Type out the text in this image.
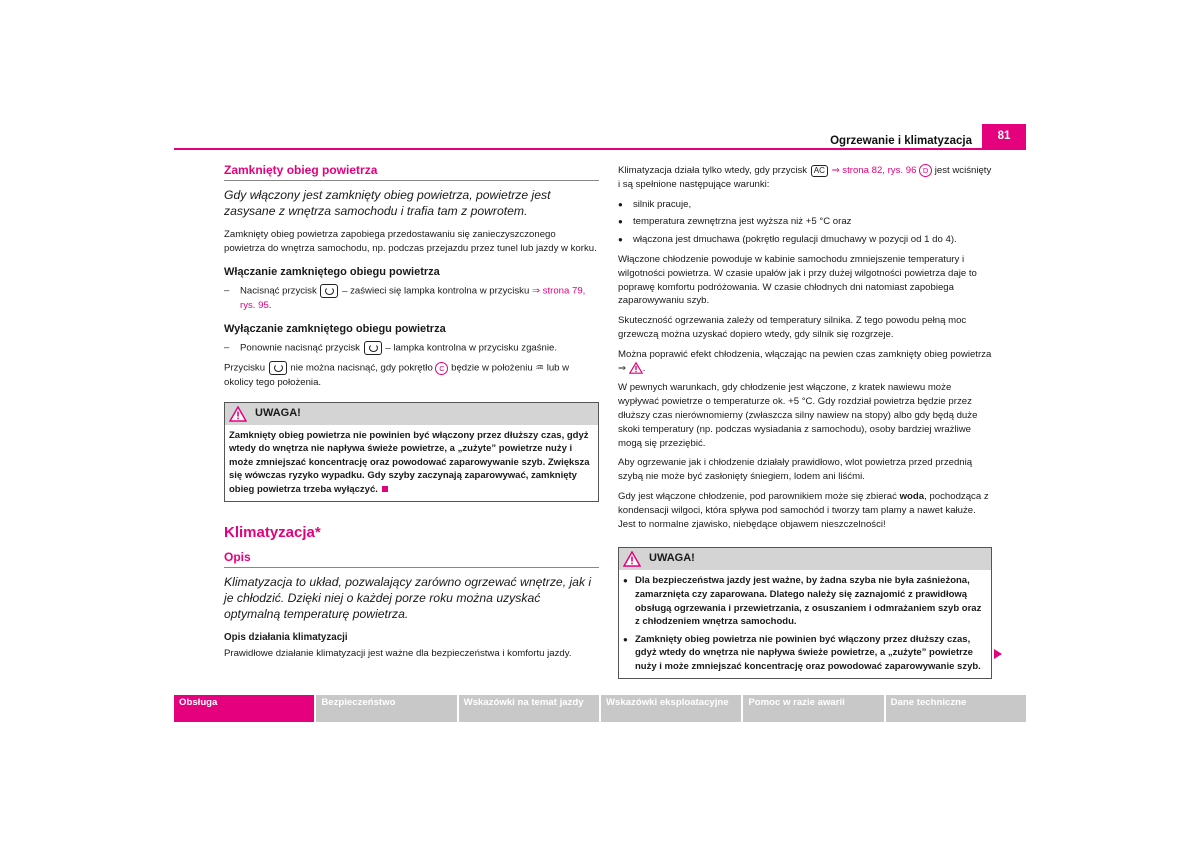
Ogrzewanie i klimatyzacja	81
Zamknięty obieg powietrza
Gdy włączony jest zamknięty obieg powietrza, powietrze jest zasysane z wnętrza samochodu i trafia tam z powrotem.

Zamknięty obieg powietrza zapobiega przedostawaniu się zanieczyszczonego powietrza do wnętrza samochodu, np. podczas przejazdu przez tunel lub jazdy w korku.

Włączanie zamkniętego obiegu powietrza
–	Nacisnąć przycisk	– zaświeci się lampka kontrolna w przycisku ⇒ strona 79, rys. 95.
Wyłączanie zamkniętego obiegu powietrza
–	Ponownie nacisnąć przycisk	– lampka kontrolna w przycisku zgaśnie.

Przycisku	nie można nacisnąć, gdy pokrętło C będzie w położeniu ♒ lub w okolicy tego położenia.

UWAGA!
Zamknięty obieg powietrza nie powinien być włączony przez dłuższy czas, gdyż wtedy do wnętrza nie napływa świeże powietrze, a „zużyte” powietrze nuży i może zmniejszać koncentrację oraz powodować zaparowywanie szyb. Zwiększa się wówczas ryzyko wypadku. Gdy szyby zaczynają zaparowywać, zamknięty obieg powietrza trzeba wyłączyć.
Klimatyzacja*
Opis
Klimatyzacja to układ, pozwalający zarówno ogrzewać wnętrze, jak i je chłodzić. Dzięki niej o każdej porze roku można uzyskać optymalną temperaturę powietrza.
Opis działania klimatyzacji

Prawidłowe działanie klimatyzacji jest ważne dla bezpieczeństwa i komfortu jazdy.

Klimatyzacja działa tylko wtedy, gdy przycisk AC ⇒ strona 82, rys. 96 D jest wciśnięty i są spełnione następujące warunki:

●	silnik pracuje,
●	temperatura zewnętrzna jest wyższa niż +5 °C oraz
●	włączona jest dmuchawa (pokrętło regulacji dmuchawy w pozycji od 1 do 4).

Włączone chłodzenie powoduje w kabinie samochodu zmniejszenie temperatury i wilgotności powietrza. W czasie upałów jak i przy dużej wilgotności powietrza daje to poprawę komfortu podróżowania. W czasie chłodnych dni natomiast zapobiega zaparowywaniu szyb.

Skuteczność ogrzewania zależy od temperatury silnika. Z tego powodu pełną moc grzewczą można uzyskać dopiero wtedy, gdy silnik się rozgrzeje.

Można poprawić efekt chłodzenia, włączając na pewien czas zamknięty obieg powietrza ⇒ .

W pewnych warunkach, gdy chłodzenie jest włączone, z kratek nawiewu może wypływać powietrze o temperaturze ok. +5 °C. Gdy rozdział powietrza będzie przez dłuższy czas nierównomierny (zwłaszcza silny nawiew na stopy) albo gdy będą duże skoki temperatury (np. podczas wysiadania z samochodu), osoby bardziej wrażliwe mogą się przeziębić.

Aby ogrzewanie jak i chłodzenie działały prawidłowo, wlot powietrza przed przednią szybą nie może być zasłonięty śniegiem, lodem ani liśćmi.

Gdy jest włączone chłodzenie, pod parownikiem może się zbierać woda, pochodząca z kondensacji wilgoci, która spływa pod samochód i tworzy tam plamy a nawet kałuże. Jest to normalne zjawisko, niebędące objawem nieszczelności!

UWAGA!
● Dla bezpieczeństwa jazdy jest ważne, by żadna szyba nie była zaśnieżona, zamarznięta czy zaparowana. Dlatego należy się zaznajomić z prawidłową obsługą ogrzewania i przewietrzania, z osuszaniem i odmrażaniem szyb oraz z chłodzeniem wnętrza samochodu.
● Zamknięty obieg powietrza nie powinien być włączony przez dłuższy czas, gdyż wtedy do wnętrza nie napływa świeże powietrze, a „zużyte” powietrze nuży i może zmniejszać koncentrację oraz powodować zaparowywanie szyb.
Obsługa	Bezpieczeństwo	Wskazówki na temat jazdy	Wskazówki eksploatacyjne	Pomoc w razie awarii	Dane techniczne
